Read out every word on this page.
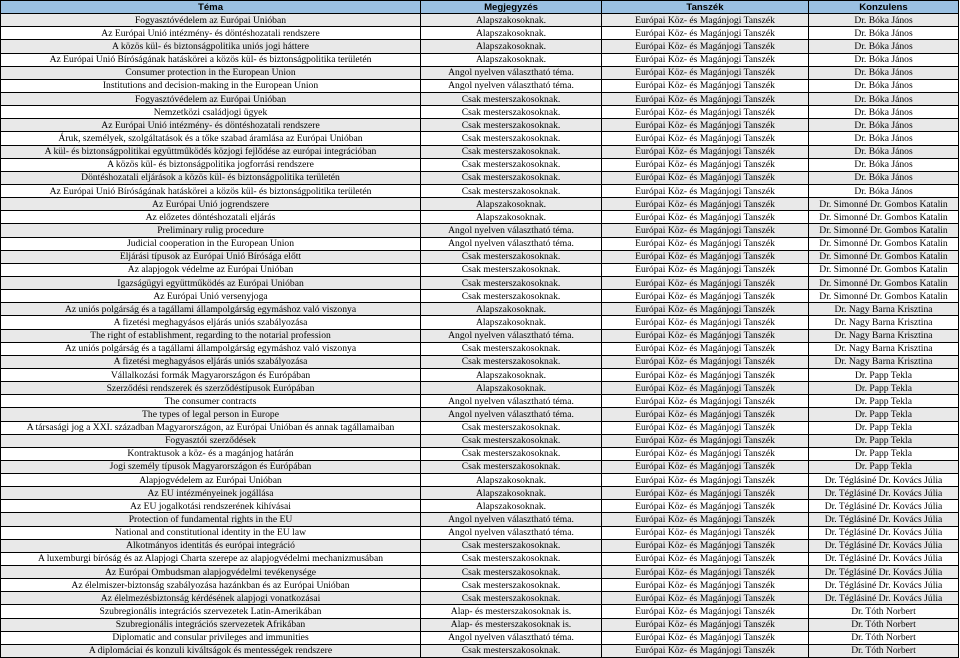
Téma	Megjegyzés	Tanszék	Konzulens
Fogyasztóvédelem az Európai Unióban	Alapszakosoknak.	Európai Köz- és Magánjogi Tanszék	Dr. Bóka János
Az Európai Unió intézmény- és döntéshozatali rendszere	Alapszakosoknak.	Európai Köz- és Magánjogi Tanszék	Dr. Bóka János
A közös kül- és biztonságpolitika uniós jogi háttere	Alapszakosoknak.	Európai Köz- és Magánjogi Tanszék	Dr. Bóka János
Az Európai Unió Bíróságának hatáskörei a közös kül- és biztonságpolitika területén	Alapszakosoknak.	Európai Köz- és Magánjogi Tanszék	Dr. Bóka János
Consumer protection in the European Union	Angol nyelven választható téma.	Európai Köz- és Magánjogi Tanszék	Dr. Bóka János
Institutions and decision-making in the European Union	Angol nyelven választható téma.	Európai Köz- és Magánjogi Tanszék	Dr. Bóka János
Fogyasztóvédelem az Európai Unióban	Csak mesterszakosoknak.	Európai Köz- és Magánjogi Tanszék	Dr. Bóka János
Nemzetközi családjogi ügyek	Csak mesterszakosoknak.	Európai Köz- és Magánjogi Tanszék	Dr. Bóka János
Az Európai Unió intézmény- és döntéshozatali rendszere	Csak mesterszakosoknak.	Európai Köz- és Magánjogi Tanszék	Dr. Bóka János
Áruk, személyek, szolgáltatások és a tőke szabad áramlása az Európai Unióban	Csak mesterszakosoknak.	Európai Köz- és Magánjogi Tanszék	Dr. Bóka János
A kül- és biztonságpolitikai együttműködés közjogi fejlődése az európai integrációban	Csak mesterszakosoknak.	Európai Köz- és Magánjogi Tanszék	Dr. Bóka János
A közös kül- és biztonságpolitika jogforrási rendszere	Csak mesterszakosoknak.	Európai Köz- és Magánjogi Tanszék	Dr. Bóka János
Döntéshozatali eljárások a közös kül- és biztonságpolitika területén	Csak mesterszakosoknak.	Európai Köz- és Magánjogi Tanszék	Dr. Bóka János
Az Európai Unió Bíróságának hatáskörei a közös kül- és biztonságpolitika területén	Csak mesterszakosoknak.	Európai Köz- és Magánjogi Tanszék	Dr. Bóka János
Az Európai Unió jogrendszere	Alapszakosoknak.	Európai Köz- és Magánjogi Tanszék	Dr. Simonné Dr. Gombos Katalin
Az előzetes döntéshozatali eljárás	Alapszakosoknak.	Európai Köz- és Magánjogi Tanszék	Dr. Simonné Dr. Gombos Katalin
Preliminary rulig procedure	Angol nyelven választható téma.	Európai Köz- és Magánjogi Tanszék	Dr. Simonné Dr. Gombos Katalin
Judicial cooperation in the European Union	Angol nyelven választható téma.	Európai Köz- és Magánjogi Tanszék	Dr. Simonné Dr. Gombos Katalin
Eljárási típusok az Európai Unió Bírósága előtt	Csak mesterszakosoknak.	Európai Köz- és Magánjogi Tanszék	Dr. Simonné Dr. Gombos Katalin
Az alapjogok védelme az Európai Unióban	Csak mesterszakosoknak.	Európai Köz- és Magánjogi Tanszék	Dr. Simonné Dr. Gombos Katalin
Igazságügyi együttműködés az Európai Unióban	Csak mesterszakosoknak.	Európai Köz- és Magánjogi Tanszék	Dr. Simonné Dr. Gombos Katalin
Az Európai Unió versenyjoga	Csak mesterszakosoknak.	Európai Köz- és Magánjogi Tanszék	Dr. Simonné Dr. Gombos Katalin
Az uniós polgárság és a tagállami állampolgárság egymáshoz való viszonya	Alapszakosoknak.	Európai Köz- és Magánjogi Tanszék	Dr. Nagy Barna Krisztina
A fizetési meghagyásos eljárás uniós szabályozása	Alapszakosoknak.	Európai Köz- és Magánjogi Tanszék	Dr. Nagy Barna Krisztina
The right of establishment, regarding to the notarial profession	Angol nyelven választható téma.	Európai Köz- és Magánjogi Tanszék	Dr. Nagy Barna Krisztina
Az uniós polgárság és a tagállami állampolgárság egymáshoz való viszonya	Csak mesterszakosoknak.	Európai Köz- és Magánjogi Tanszék	Dr. Nagy Barna Krisztina
A fizetési meghagyásos eljárás uniós szabályozása	Csak mesterszakosoknak.	Európai Köz- és Magánjogi Tanszék	Dr. Nagy Barna Krisztina
Vállalkozási formák Magyarországon és Európában	Alapszakosoknak.	Európai Köz- és Magánjogi Tanszék	Dr. Papp Tekla
Szerződési rendszerek és szerződéstípusok Európában	Alapszakosoknak.	Európai Köz- és Magánjogi Tanszék	Dr. Papp Tekla
The consumer contracts	Angol nyelven választható téma.	Európai Köz- és Magánjogi Tanszék	Dr. Papp Tekla
The types of legal person in Europe	Angol nyelven választható téma.	Európai Köz- és Magánjogi Tanszék	Dr. Papp Tekla
A társasági jog a XXI. században Magyarországon, az Európai Unióban és annak tagállamaiban	Csak mesterszakosoknak.	Európai Köz- és Magánjogi Tanszék	Dr. Papp Tekla
Fogyasztói szerződések	Csak mesterszakosoknak.	Európai Köz- és Magánjogi Tanszék	Dr. Papp Tekla
Kontraktusok a köz- és a magánjog határán	Csak mesterszakosoknak.	Európai Köz- és Magánjogi Tanszék	Dr. Papp Tekla
Jogi személy típusok Magyarországon és Európában	Csak mesterszakosoknak.	Európai Köz- és Magánjogi Tanszék	Dr. Papp Tekla
Alapjogvédelem az Európai Unióban	Alapszakosoknak.	Európai Köz- és Magánjogi Tanszék	Dr. Téglásiné Dr. Kovács Júlia
Az EU intézményeinek jogállása	Alapszakosoknak.	Európai Köz- és Magánjogi Tanszék	Dr. Téglásiné Dr. Kovács Júlia
Az EU jogalkotási rendszerének kihívásai	Alapszakosoknak.	Európai Köz- és Magánjogi Tanszék	Dr. Téglásiné Dr. Kovács Júlia
Protection of fundamental rights in the EU	Angol nyelven választható téma.	Európai Köz- és Magánjogi Tanszék	Dr. Téglásiné Dr. Kovács Júlia
National and constitutional identity in the EU law	Angol nyelven választható téma.	Európai Köz- és Magánjogi Tanszék	Dr. Téglásiné Dr. Kovács Júlia
Alkotmányos identitás és európai integráció	Csak mesterszakosoknak.	Európai Köz- és Magánjogi Tanszék	Dr. Téglásiné Dr. Kovács Júlia
A luxemburgi bíróság és az Alapjogi Charta szerepe az alapjogvédelmi mechanizmusában	Csak mesterszakosoknak.	Európai Köz- és Magánjogi Tanszék	Dr. Téglásiné Dr. Kovács Júlia
Az Európai Ombudsman alapjogvédelmi tevékenysége	Csak mesterszakosoknak.	Európai Köz- és Magánjogi Tanszék	Dr. Téglásiné Dr. Kovács Júlia
Az élelmiszer-biztonság szabályozása hazánkban és az Európai Unióban	Csak mesterszakosoknak.	Európai Köz- és Magánjogi Tanszék	Dr. Téglásiné Dr. Kovács Júlia
Az élelmezésbiztonság kérdésének alapjogi vonatkozásai	Csak mesterszakosoknak.	Európai Köz- és Magánjogi Tanszék	Dr. Téglásiné Dr. Kovács Júlia
Szubregionális integrációs szervezetek Latin-Amerikában	Alap- és mesterszakosoknak is.	Európai Köz- és Magánjogi Tanszék	Dr. Tóth Norbert
Szubregionális integrációs szervezetek Afrikában	Alap- és mesterszakosoknak is.	Európai Köz- és Magánjogi Tanszék	Dr. Tóth Norbert
Diplomatic and consular privileges and immunities	Angol nyelven választható téma.	Európai Köz- és Magánjogi Tanszék	Dr. Tóth Norbert
A diplomáciai és konzuli kiváltságok és mentességek rendszere	Csak mesterszakosoknak.	Európai Köz- és Magánjogi Tanszék	Dr. Tóth Norbert
